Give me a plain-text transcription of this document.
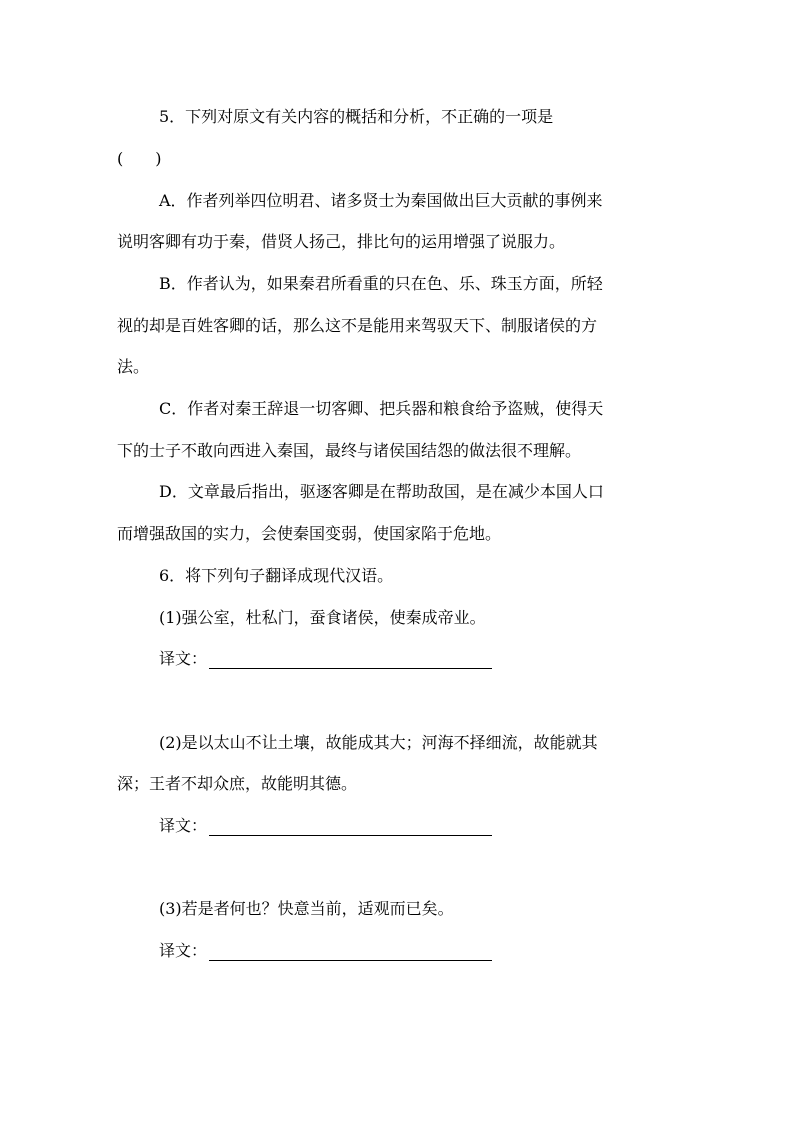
5．下列对原文有关内容的概括和分析，不正确的一项是
(　　)
A．作者列举四位明君、诸多贤士为秦国做出巨大贡献的事例来
说明客卿有功于秦，借贤人扬己，排比句的运用增强了说服力。
B．作者认为，如果秦君所看重的只在色、乐、珠玉方面，所轻
视的却是百姓客卿的话，那么这不是能用来驾驭天下、制服诸侯的方
法。
C．作者对秦王辞退一切客卿、把兵器和粮食给予盗贼，使得天
下的士子不敢向西进入秦国，最终与诸侯国结怨的做法很不理解。
D．文章最后指出，驱逐客卿是在帮助敌国，是在减少本国人口
而增强敌国的实力，会使秦国变弱，使国家陷于危地。
6．将下列句子翻译成现代汉语。
(1)强公室，杜私门，蚕食诸侯，使秦成帝业。
译文：
(2)是以太山不让土壤，故能成其大；河海不择细流，故能就其
深；王者不却众庶，故能明其德。
译文：
(3)若是者何也？快意当前，适观而已矣。
译文：
